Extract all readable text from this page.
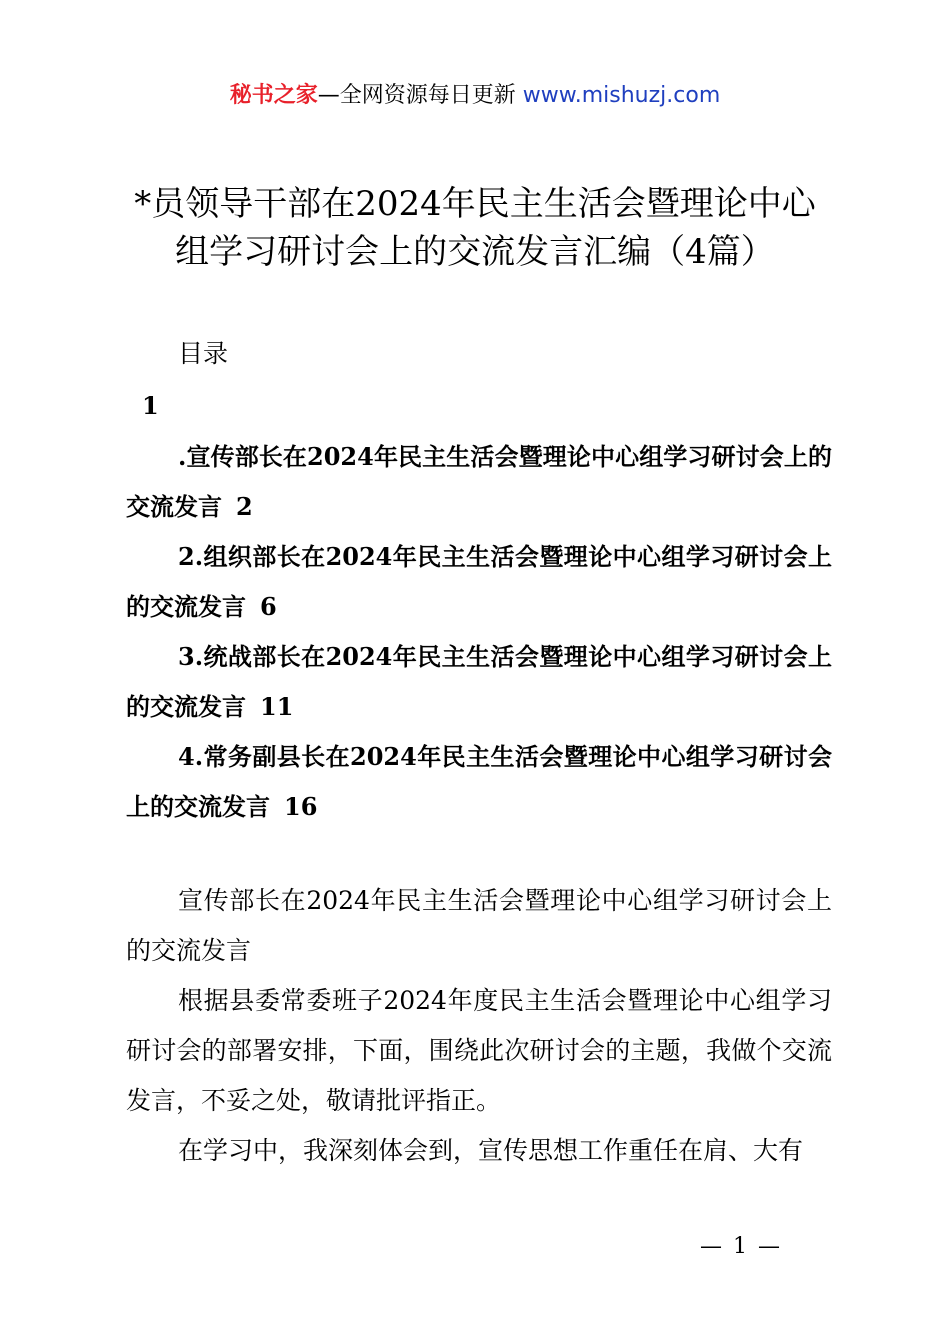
秘书之家—全网资源每日更新 www.mishuzj.com
*员领导干部在2024年民主生活会暨理论中心组学习研讨会上的交流发言汇编（4篇）
目录
1

.宣传部长在2024年民主生活会暨理论中心组学习研讨会上的交流发言 2

2.组织部长在2024年民主生活会暨理论中心组学习研讨会上的交流发言 6

3.统战部长在2024年民主生活会暨理论中心组学习研讨会上的交流发言 11

4.常务副县长在2024年民主生活会暨理论中心组学习研讨会上的交流发言 16

宣传部长在2024年民主生活会暨理论中心组学习研讨会上的交流发言

根据县委常委班子2024年度民主生活会暨理论中心组学习研讨会的部署安排，下面，围绕此次研讨会的主题，我做个交流发言，不妥之处，敬请批评指正。

在学习中，我深刻体会到，宣传思想工作重任在肩、大有

— 1 —
